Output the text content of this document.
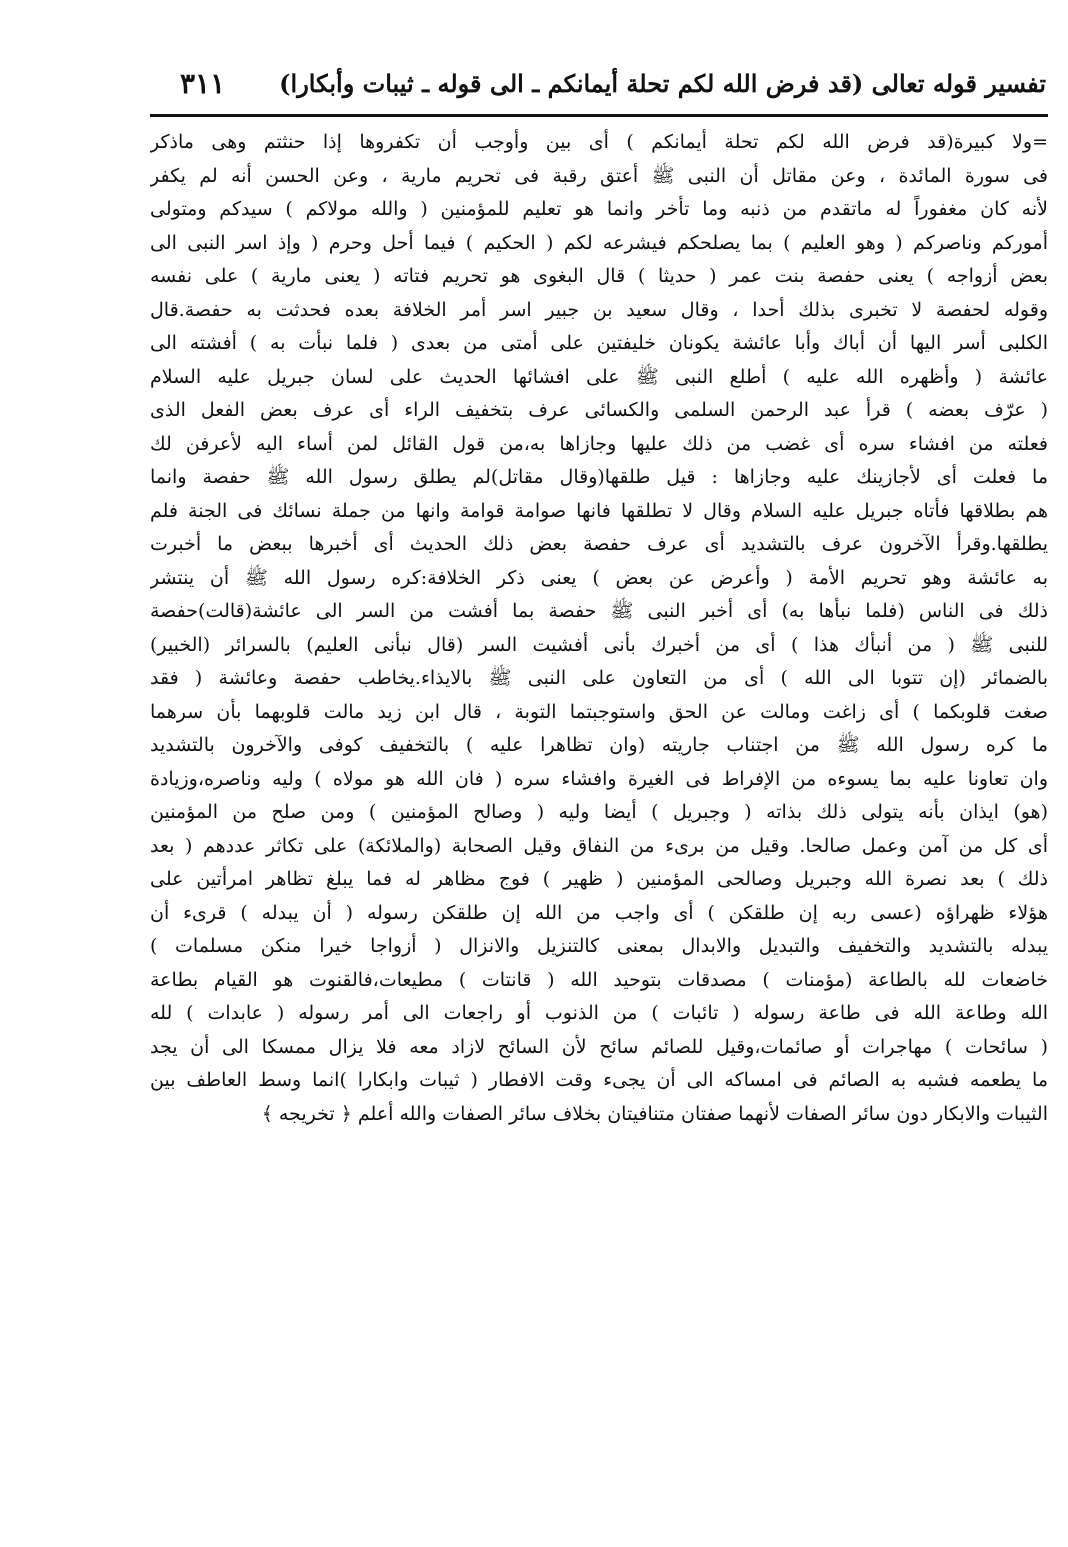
تفسير قوله تعالى (قد فرض الله لكم تحلة أيمانكم ـ الى قوله ـ ثيبات وأبكارا)
٣١١
=ولا كبيرة(قد فرض الله لكم تحلة أيمانكم ) أى بين وأوجب أن تكفروها إذا حنثتم وهى ماذكر
فى سورة المائدة ، وعن مقاتل أن النبى ﷺ أعتق رقبة فى تحريم مارية ، وعن الحسن أنه لم يكفر
لأنه كان مغفوراً له ماتقدم من ذنبه وما تأخر وانما هو تعليم للمؤمنين ( والله مولاكم ) سيدكم ومتولى
أموركم وناصركم ( وهو العليم ) بما يصلحكم فيشرعه لكم ( الحكيم ) فيما أحل وحرم ( وإذ اسر النبى الى
بعض أزواجه ) يعنى حفصة بنت عمر ( حديثا ) قال البغوى هو تحريم فتاته ( يعنى مارية ) على نفسه
وقوله لحفصة لا تخبرى بذلك أحدا ، وقال سعيد بن جبير اسر أمر الخلافة بعده فحدثت به حفصة.قال
الكلبى أسر اليها أن أباك وأبا عائشة يكونان خليفتين على أمتى من بعدى ( فلما نبأت به ) أفشته الى
عائشة ( وأظهره الله عليه ) أطلع النبى ﷺ على افشائها الحديث على لسان جبريل عليه السلام
( عرّف بعضه ) قرأ عبد الرحمن السلمى والكسائى عرف بتخفيف الراء أى عرف بعض الفعل الذى
فعلته من افشاء سره أى غضب من ذلك عليها وجازاها به،من قول القائل لمن أساء اليه لأعرفن لك
ما فعلت أى لأجازينك عليه وجازاها : قيل طلقها(وقال مقاتل)لم يطلق رسول الله ﷺ حفصة وانما
هم بطلاقها فأتاه جبريل عليه السلام وقال لا تطلقها فانها صوامة قوامة وانها من جملة نسائك فى الجنة فلم
يطلقها.وقرأ الآخرون عرف بالتشديد أى عرف حفصة بعض ذلك الحديث أى أخبرها ببعض ما أخبرت
به عائشة وهو تحريم الأمة ( وأعرض عن بعض ) يعنى ذكر الخلافة:كره رسول الله ﷺ أن ينتشر
ذلك فى الناس (فلما نبأها به) أى أخبر النبى ﷺ حفصة بما أفشت من السر الى عائشة(قالت)حفصة
للنبى ﷺ ( من أنبأك هذا ) أى من أخبرك بأنى أفشيت السر (قال نبأنى العليم) بالسرائر (الخبير)
بالضمائر (إن تتوبا الى الله ) أى من التعاون على النبى ﷺ بالايذاء.يخاطب حفصة وعائشة ( فقد
صغت قلوبكما ) أى زاغت ومالت عن الحق واستوجبتما التوبة ، قال ابن زيد مالت قلوبهما بأن سرهما
ما كره رسول الله ﷺ من اجتناب جاريته (وان تظاهرا عليه ) بالتخفيف كوفى والآخرون بالتشديد
وان تعاونا عليه بما يسوءه من الإفراط فى الغيرة وافشاء سره ( فان الله هو مولاه ) وليه وناصره،وزيادة
(هو) ايذان بأنه يتولى ذلك بذاته ( وجبريل ) أيضا وليه ( وصالح المؤمنين ) ومن صلح من المؤمنين
أى كل من آمن وعمل صالحا. وقيل من برىء من النفاق وقيل الصحابة (والملائكة) على تكاثر عددهم ( بعد
ذلك ) بعد نصرة الله وجبريل وصالحى المؤمنين ( ظهير ) فوج مظاهر له فما يبلغ تظاهر امرأتين على
هؤلاء ظهراؤه (عسى ربه إن طلقكن ) أى واجب من الله إن طلقكن رسوله ( أن يبدله ) قرىء أن
يبدله بالتشديد والتخفيف والتبديل والابدال بمعنى كالتنزيل والانزال ( أزواجا خيرا منكن مسلمات )
خاضعات لله بالطاعة (مؤمنات ) مصدقات بتوحيد الله ( قانتات ) مطيعات،فالقنوت هو القيام بطاعة
الله وطاعة الله فى طاعة رسوله ( تائبات ) من الذنوب أو راجعات الى أمر رسوله ( عابدات ) لله
( سائحات ) مهاجرات أو صائمات،وقيل للصائم سائح لأن السائح لازاد معه فلا يزال ممسكا الى أن يجد
ما يطعمه فشبه به الصائم فى امساكه الى أن يجىء وقت الافطار ( ثيبات وابكارا )انما وسط العاطف بين
الثيبات والابكار دون سائر الصفات لأنهما صفتان متنافيتان بخلاف سائر الصفات والله أعلم ﴿ تخريجه ﴾
